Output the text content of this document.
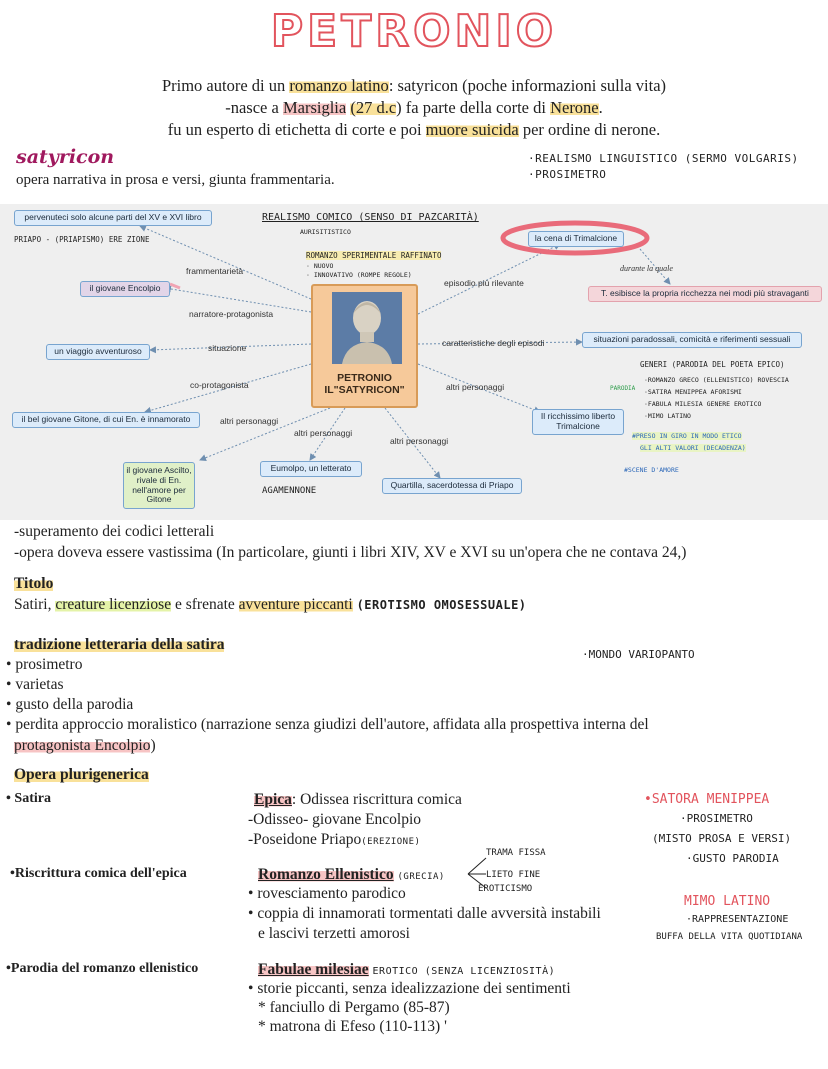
PETRONIO
Primo autore di un romanzo latino: satyricon (poche informazioni sulla vita)
-nasce a Marsiglia (27 d.c) fa parte della corte di Nerone.
fu un esperto di etichetta di corte e poi muore suicida per ordine di nerone.
satyricon
opera narrativa in prosa e versi, giunta frammentaria.
·REALISMO LINGUISTICO (SERMO VOLGARIS)
·PROSIMETRO
pervenuteci solo alcune parti del XV e XVI libro
il giovane Encolpio
un viaggio avventuroso
il bel giovane Gitone, di cui En. è innamorato
il giovane Ascilto, rivale di En. nell'amore per Gitone
Eumolpo, un letterato
Quartilla, sacerdotessa di Priapo
Il ricchissimo liberto Trimalcione
situazioni paradossali, comicità e riferimenti sessuali
la cena di Trimalcione
T. esibisce la propria ricchezza nei modi più stravaganti
frammentarietà
narratore-protagonista
situazione
co-protagonista
altri personaggi
altri personaggi
altri personaggi
altri personaggi
episodio più rilevante
caratteristiche degli episodi
durante la quale
PETRONIO IL"SATYRICON"
PRIAPO - (PRIAPISMO) ERE ZIONE
REALISMO COMICO (SENSO DI PAZCARITÀ)
AURISITISTICO
ROMANZO SPERIMENTALE RAFFINATO
· NUOVO
· INNOVATIVO (ROMPE REGOLE)
AGAMENNONE
GENERI (PARODIA DEL POETA EPICO)
PARODIA
·ROMANZO GRECO (ELLENISTICO) ROVESCIA
·SATIRA MENIPPEA AFORISMI
·FABULA MILESIA GENERE EROTICO
·MIMO LATINO
#PRESO IN GIRO IN MODO ETICO
GLI ALTI VALORI (DECADENZA)
#SCENE D'AMORE
-superamento dei codici letterali
-opera doveva essere vastissima (In particolare, giunti i libri XIV, XV e XVI su un'opera che ne contava 24,)
Titolo
Satiri, creature licenziose e sfrenate avventure piccanti (EROTISMO OMOSESSUALE)
tradizione letteraria della satira
·MONDO VARIOPANTO
• prosimetro
• varietas
• gusto della parodia
• perdita approccio moralistico (narrazione senza giudizi dell'autore, affidata alla prospettiva interna del
protagonista Encolpio)
Opera plurigenerica
• Satira	Epica: Odissea riscrittura comica
-Odisseo- giovane Encolpio
-Poseidone Priapo(EREZIONE)
•Riscrittura comica dell'epica	Romanzo Ellenistico (GRECIA)
TRAMA FISSA
LIETO FINE
EROTICISMO
• rovesciamento parodico
• coppia di innamorati tormentati dalle avversità instabili
e lascivi terzetti amorosi
•Parodia del romanzo ellenistico	Fabulae milesiae EROTICO (SENZA LICENZIOSITÀ)
• storie piccanti, senza idealizzazione dei sentimenti
* fanciullo di Pergamo (85-87)
* matrona di Efeso (110-113) '
•SATORA MENIPPEA
·PROSIMETRO
(MISTO PROSA E VERSI)
·GUSTO PARODIA
MIMO LATINO
·RAPPRESENTAZIONE
BUFFA DELLA VITA QUOTIDIANA
